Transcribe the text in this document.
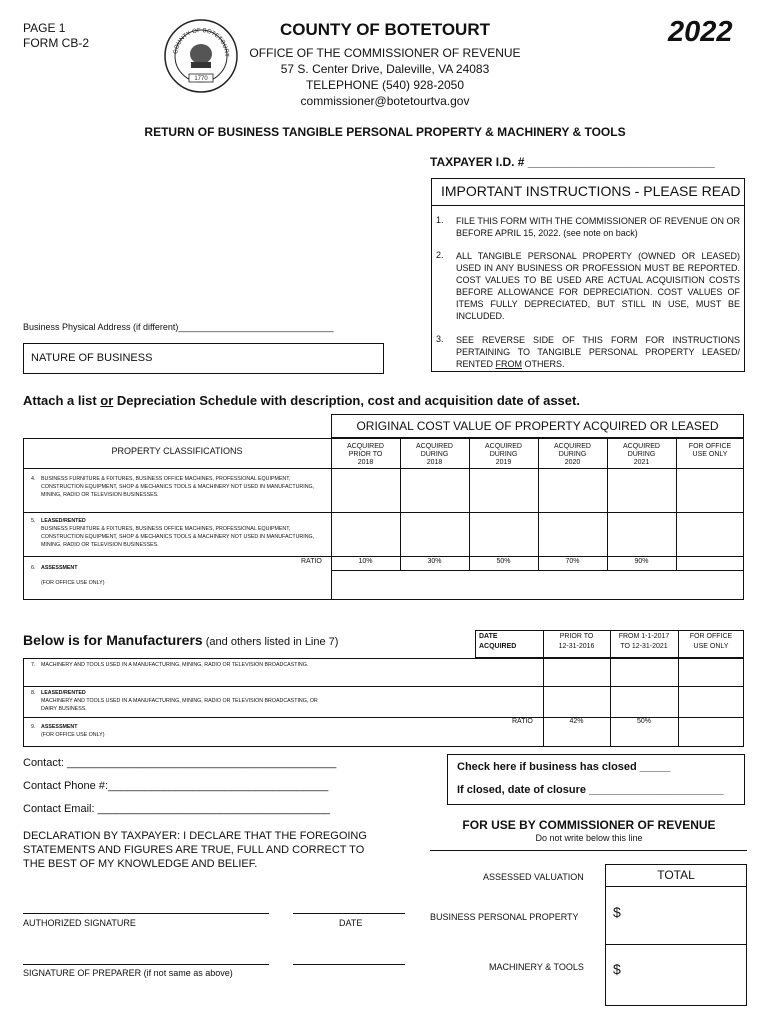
PAGE 1
FORM CB-2
COUNTY OF BOTETOURT
1770
COUNTY OF BOTETOURT
OFFICE OF THE COMMISSIONER OF REVENUE
57 S. Center Drive, Daleville, VA 24083
TELEPHONE (540) 928-2050
commissioner@botetourtva.gov
2022
RETURN OF BUSINESS TANGIBLE PERSONAL PROPERTY & MACHINERY & TOOLS
TAXPAYER I.D. # ____________________________
IMPORTANT INSTRUCTIONS - PLEASE READ
1. FILE THIS FORM WITH THE COMMISSIONER OF REVENUE ON OR BEFORE APRIL 15, 2022. (see note on back)
2. ALL TANGIBLE PERSONAL PROPERTY (OWNED OR LEASED) USED IN ANY BUSINESS OR PROFESSION MUST BE REPORTED. COST VALUES TO BE USED ARE ACTUAL ACQUISITION COSTS BEFORE ALLOWANCE FOR DEPRECIATION. COST VALUES OF ITEMS FULLY DEPRECIATED, BUT STILL IN USE, MUST BE INCLUDED.
3. SEE REVERSE SIDE OF THIS FORM FOR INSTRUCTIONS PERTAINING TO TANGIBLE PERSONAL PROPERTY LEASED/ RENTED FROM OTHERS.
Business Physical Address (if different)_______________________________
NATURE OF BUSINESS
Attach a list or Depreciation Schedule with description, cost and acquisition date of asset.
ORIGINAL COST VALUE OF PROPERTY ACQUIRED OR LEASED
PROPERTY CLASSIFICATIONS	ACQUIRED
PRIOR TO
2018
ACQUIRED
DURING
2018
ACQUIRED
DURING
2019
ACQUIRED
DURING
2020
ACQUIRED
DURING
2021
FOR OFFICE
USE ONLY
4. BUSINESS FURNITURE & FIXTURES, BUSINESS OFFICE MACHINES, PROFESSIONAL EQUIPMENT, CONSTRUCTION EQUIPMENT, SHOP & MECHANICS TOOLS & MACHINERY NOT USED IN MANUFACTURING, MINING, RADIO OR TELEVISION BUSINESSES.
5. LEASED/RENTED
BUSINESS FURNITURE & FIXTURES, BUSINESS OFFICE MACHINES, PROFESSIONAL EQUIPMENT, CONSTRUCTION EQUIPMENT, SHOP & MECHANICS TOOLS & MACHINERY NOT USED IN MANUFACTURING, MINING, RADIO OR TELEVISION BUSINESSES.
6. ASSESSMENT
RATIO
(FOR OFFICE USE ONLY)
10%	30%	50%	70%	90%
Below is for Manufacturers (and others listed in Line 7)	DATE
ACQUIRED
PRIOR TO
12-31-2016
FROM 1-1-2017
TO 12-31-2021
FOR OFFICE
USE ONLY
7. MACHINERY AND TOOLS USED IN A MANUFACTURING, MINING, RADIO OR TELEVISION BROADCASTING.
8. LEASED/RENTED
MACHINERY AND TOOLS USED IN A MANUFACTURING, MINING, RADIO OR TELEVISION BROADCASTING, OR DAIRY BUSINESS.
9. ASSESSMENT
(FOR OFFICE USE ONLY)
RATIO	42%	50%
Contact: ____________________________________________
Contact Phone #:____________________________________
Contact Email: ______________________________________
Check here if business has closed _____
If closed, date of closure ______________________
DECLARATION BY TAXPAYER: I DECLARE THAT THE FOREGOING STATEMENTS AND FIGURES ARE TRUE, FULL AND CORRECT TO THE BEST OF MY KNOWLEDGE AND BELIEF.
FOR USE BY COMMISSIONER OF REVENUE
Do not write below this line
ASSESSED VALUATION	TOTAL
BUSINESS PERSONAL PROPERTY $
MACHINERY & TOOLS $
AUTHORIZED SIGNATURE	DATE
SIGNATURE OF PREPARER (if not same as above)
